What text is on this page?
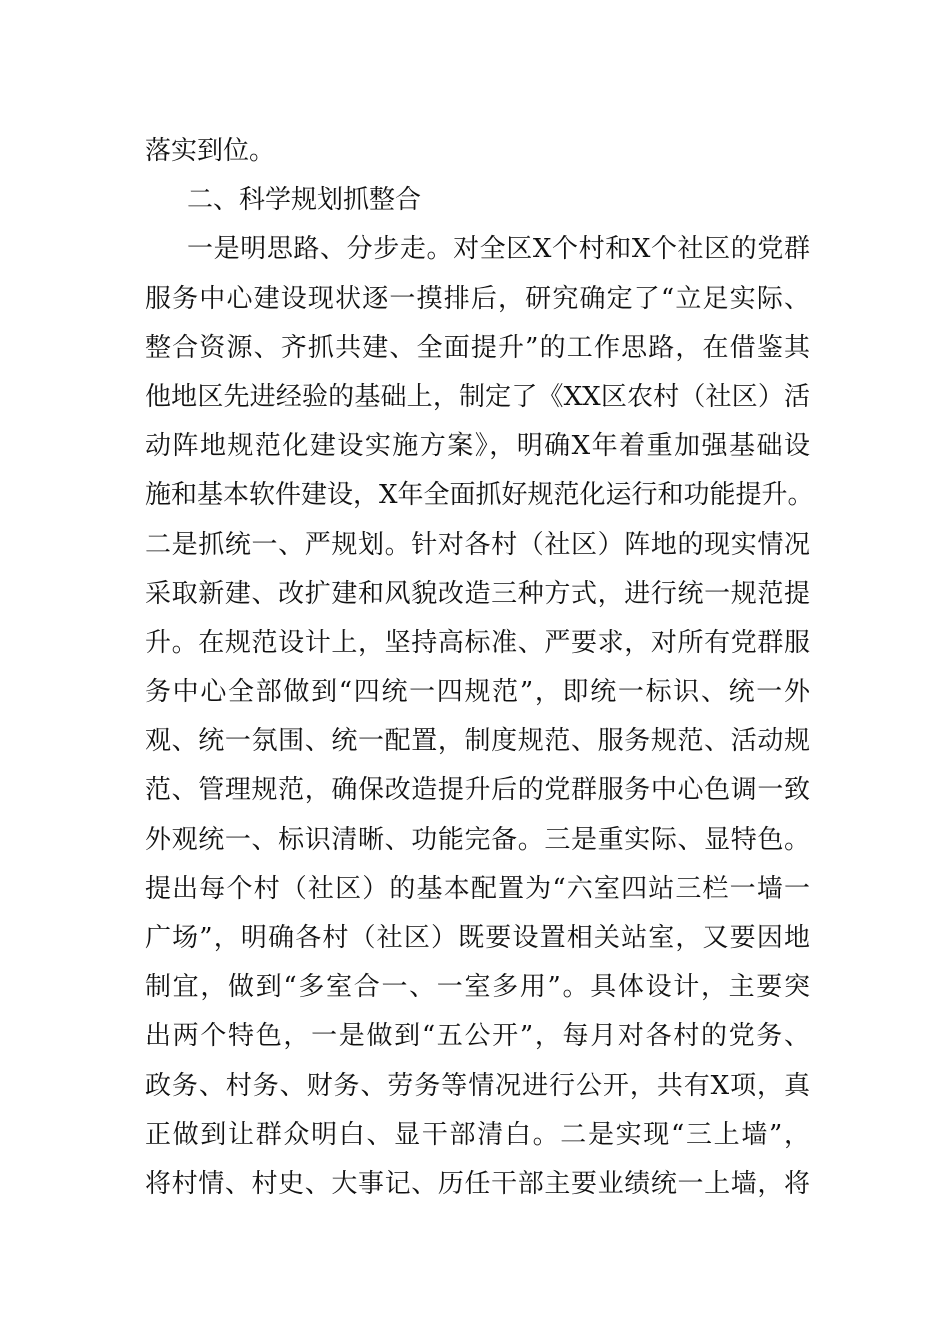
落实到位。
二、科学规划抓整合
一是明思路、分步走。对全区X个村和X个社区的党群
服务中心建设现状逐一摸排后，研究确定了“立足实际、
整合资源、齐抓共建、全面提升”的工作思路，在借鉴其
他地区先进经验的基础上，制定了《XX区农村（社区）活
动阵地规范化建设实施方案》，明确X年着重加强基础设
施和基本软件建设，X年全面抓好规范化运行和功能提升。
二是抓统一、严规划。针对各村（社区）阵地的现实情况
采取新建、改扩建和风貌改造三种方式，进行统一规范提
升。在规范设计上，坚持高标准、严要求，对所有党群服
务中心全部做到“四统一四规范”，即统一标识、统一外
观、统一氛围、统一配置，制度规范、服务规范、活动规
范、管理规范，确保改造提升后的党群服务中心色调一致
外观统一、标识清晰、功能完备。三是重实际、显特色。
提出每个村（社区）的基本配置为“六室四站三栏一墙一
广场”，明确各村（社区）既要设置相关站室，又要因地
制宜，做到“多室合一、一室多用”。具体设计，主要突
出两个特色，一是做到“五公开”，每月对各村的党务、
政务、村务、财务、劳务等情况进行公开，共有X项，真
正做到让群众明白、显干部清白。二是实现“三上墙”，
将村情、村史、大事记、历任干部主要业绩统一上墙，将
